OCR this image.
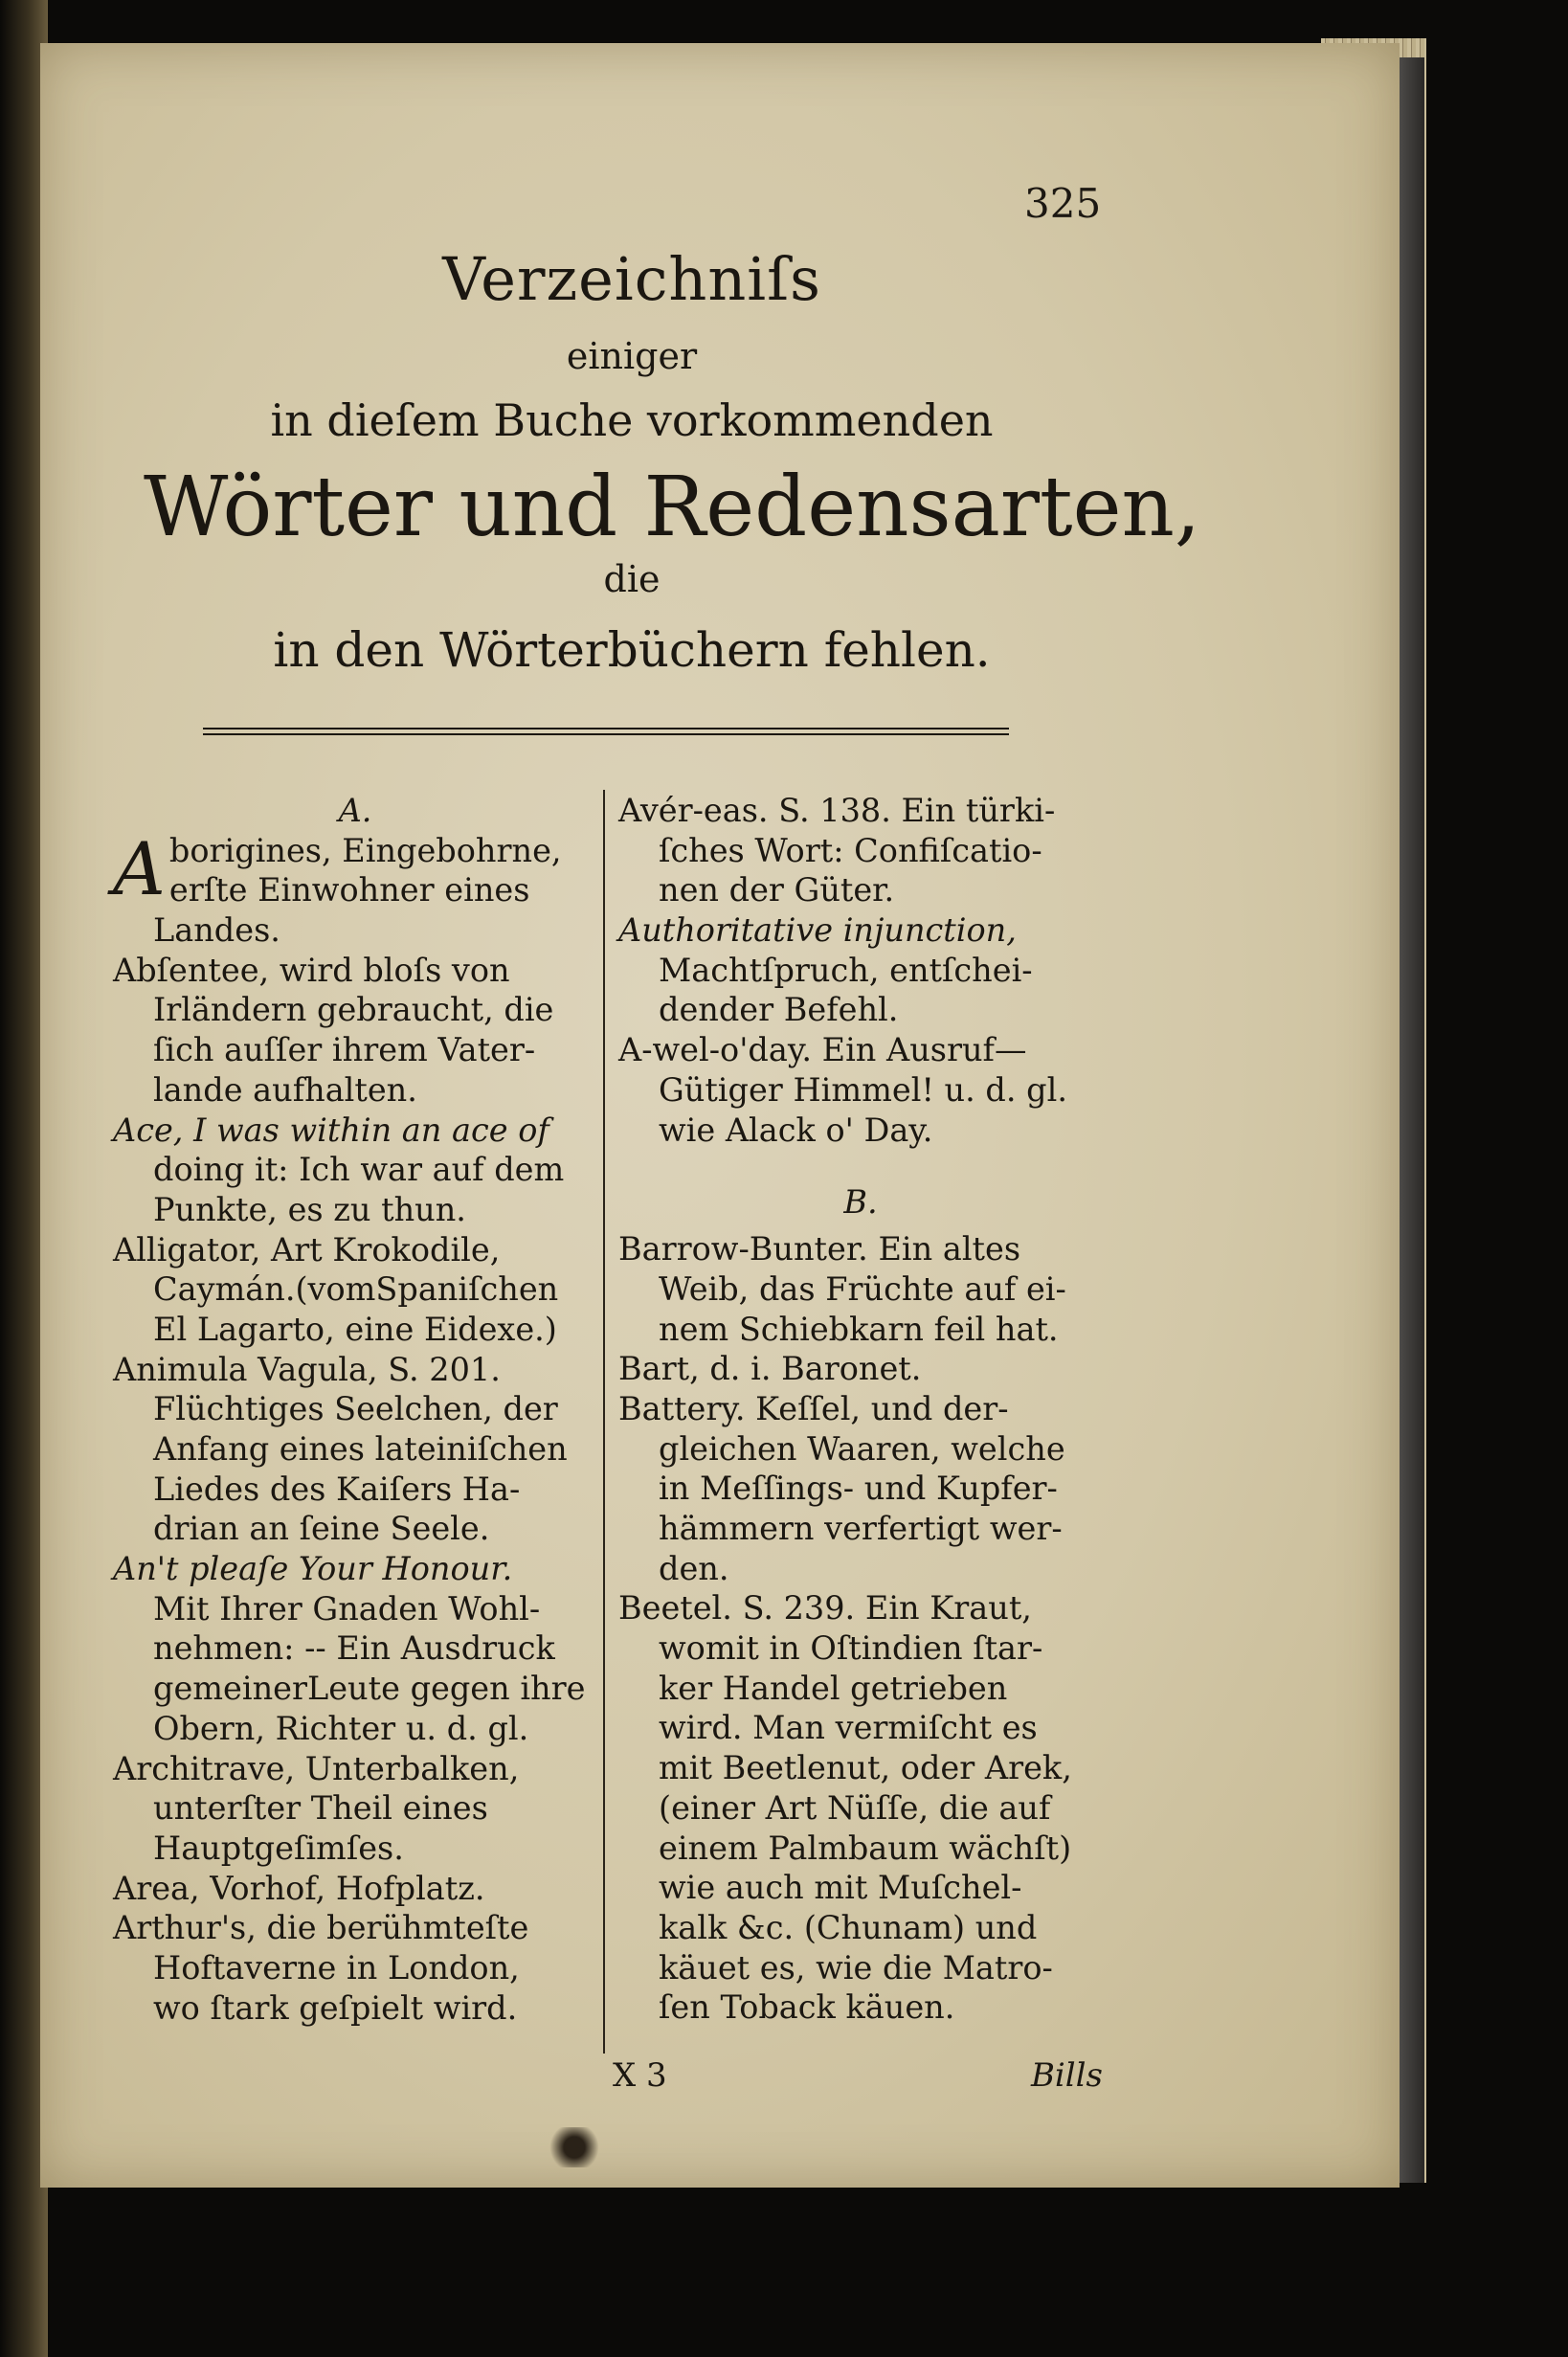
325
Verzeichniſs
einiger
in dieſem Buche vorkommenden
Wörter und Redensarten,
die
in den Wörterbüchern fehlen.
A.
A borigines, Eingebohrne,
erſte Einwohner eines
Landes.
Abſentee, wird bloſs von
Irländern gebraucht, die
ſich auſſer ihrem Vater-
lande aufhalten.
Ace, I was within an ace of
doing it: Ich war auf dem
Punkte, es zu thun.
Alligator, Art Krokodile,
Caymán.(vomSpaniſchen
El Lagarto, eine Eidexe.)
Animula Vagula, S. 201.
Flüchtiges Seelchen, der
Anfang eines lateiniſchen
Liedes des Kaiſers Ha-
drian an ſeine Seele.
An't pleaſe Your Honour.
Mit Ihrer Gnaden Wohl-
nehmen: -- Ein Ausdruck
gemeinerLeute gegen ihre
Obern, Richter u. d. gl.
Architrave, Unterbalken,
unterſter Theil eines
Hauptgeſimſes.
Area, Vorhof, Hofplatz.
Arthur's, die berühmteſte
Hoftaverne in London,
wo ſtark geſpielt wird.
Avér-eas. S. 138. Ein türki-
ſches Wort: Confiſcatio-
nen der Güter.
Authoritative injunction,
Machtſpruch, entſchei-
dender Befehl.
A-wel-o'day. Ein Ausruf—
Gütiger Himmel! u. d. gl.
wie Alack o' Day.
B.
Barrow-Bunter. Ein altes
Weib, das Früchte auf ei-
nem Schiebkarn feil hat.
Bart, d. i. Baronet.
Battery. Keſſel, und der-
gleichen Waaren, welche
in Meſſings- und Kupfer-
hämmern verfertigt wer-
den.
Beetel. S. 239. Ein Kraut,
womit in Oſtindien ſtar-
ker Handel getrieben
wird. Man vermiſcht es
mit Beetlenut, oder Arek,
(einer Art Nüſſe, die auf
einem Palmbaum wächſt)
wie auch mit Muſchel-
kalk &c. (Chunam) und
käuet es, wie die Matro-
ſen Toback käuen.
X 3	Bills
